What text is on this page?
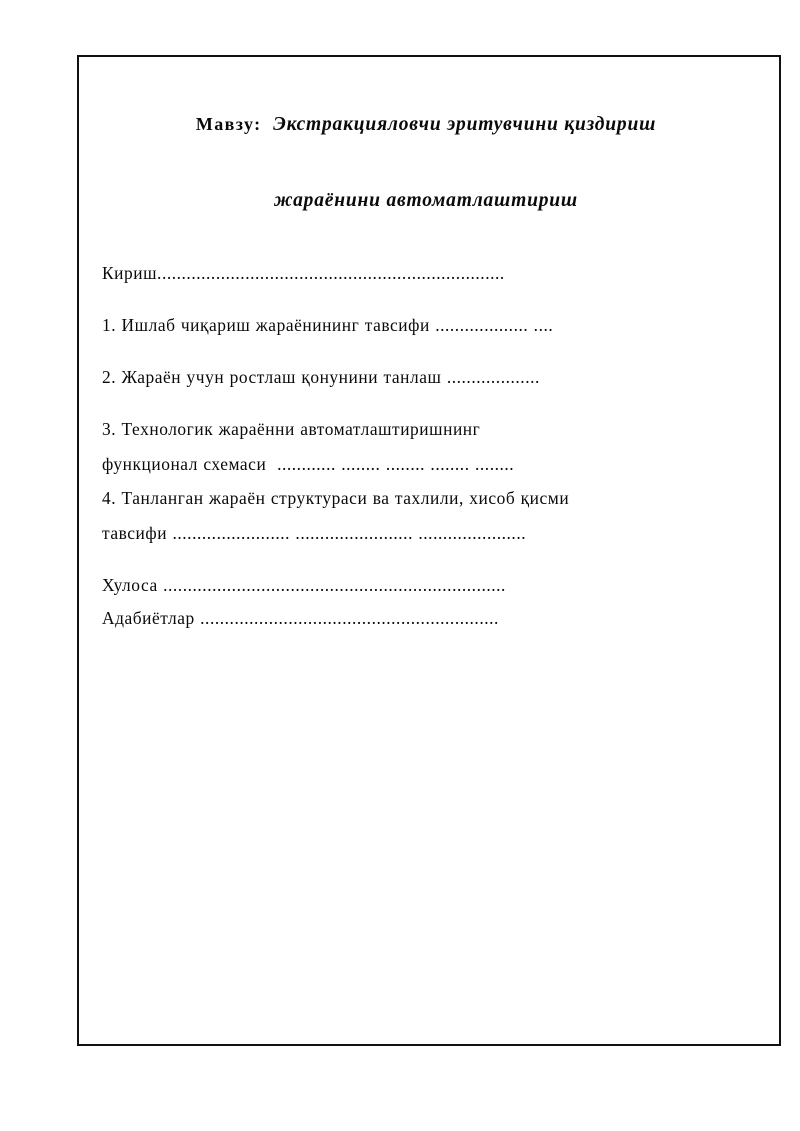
Мавзу: Экстракцияловчи эритувчини қиздириш

жараёнини автоматлаштириш

Кириш.......................................................................
1. Ишлаб чиқариш жараёнининг тавсифи ................... ....
2. Жараён учун ростлаш қонунини танлаш ...................
3. Технологик жараённи автоматлаштиришнинг
функционал схемаси  ............ ........ ........ ........ ........
4. Танланган жараён структураси ва тахлили, хисоб қисми
тавсифи ........................ ........................ ......................
Хулоса ......................................................................
Адабиётлар .............................................................
